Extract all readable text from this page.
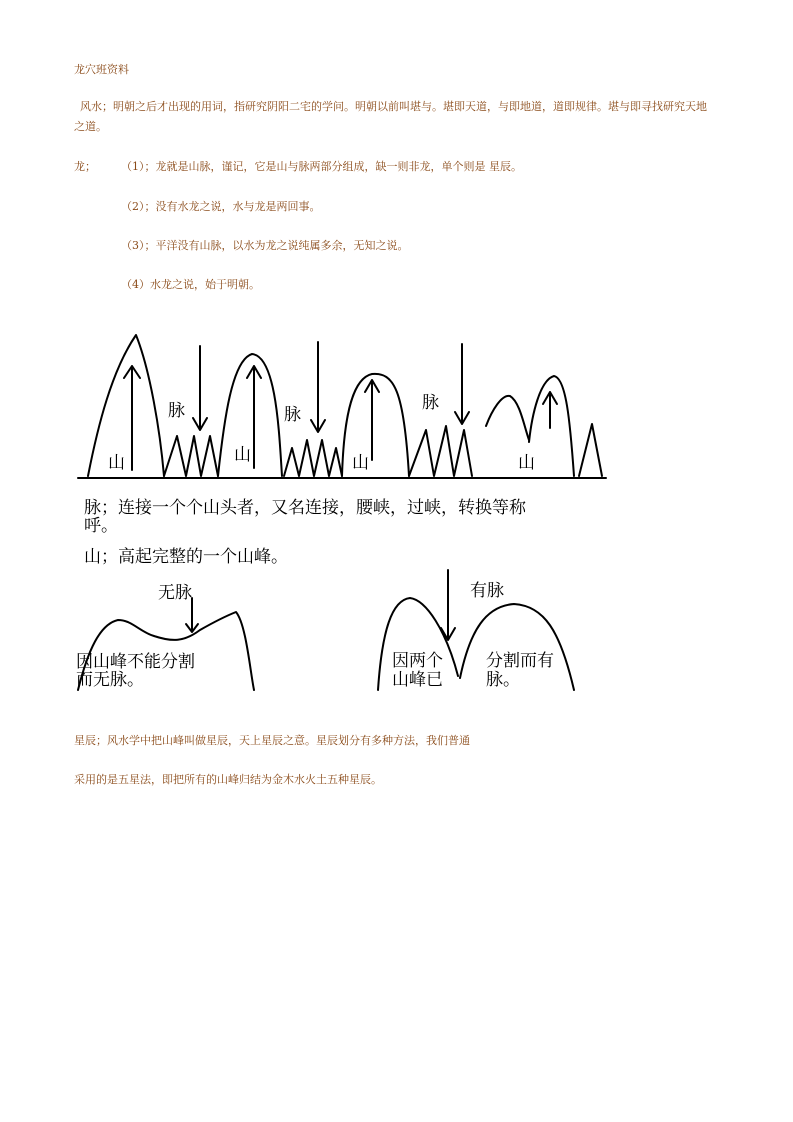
龙穴班资料
风水；明朝之后才出现的用词，指研究阴阳二宅的学问。明朝以前叫堪与。堪即天道，与即地道，道即规律。堪与即寻找研究天地之道。
龙； （1）；龙就是山脉，谨记，它是山与脉两部分组成，缺一则非龙，单个则是 星辰。
（2）；没有水龙之说，水与龙是两回事。
（3）；平洋没有山脉，以水为龙之说纯属多余，无知之说。
（4）水龙之说，始于明朝。
山	山	山	山
脉	脉
脉
脉；连接一个个山头者，又名连接，腰峡，过峡，转换等称
呼。
山；高起完整的一个山峰。
无脉	有脉
因山峰不能分割
而无脉。
因两个
山峰已
分割而有
脉。
星辰；风水学中把山峰叫做星辰，天上星辰之意。星辰划分有多种方法，我们普通
采用的是五星法，即把所有的山峰归结为金木水火土五种星辰。
